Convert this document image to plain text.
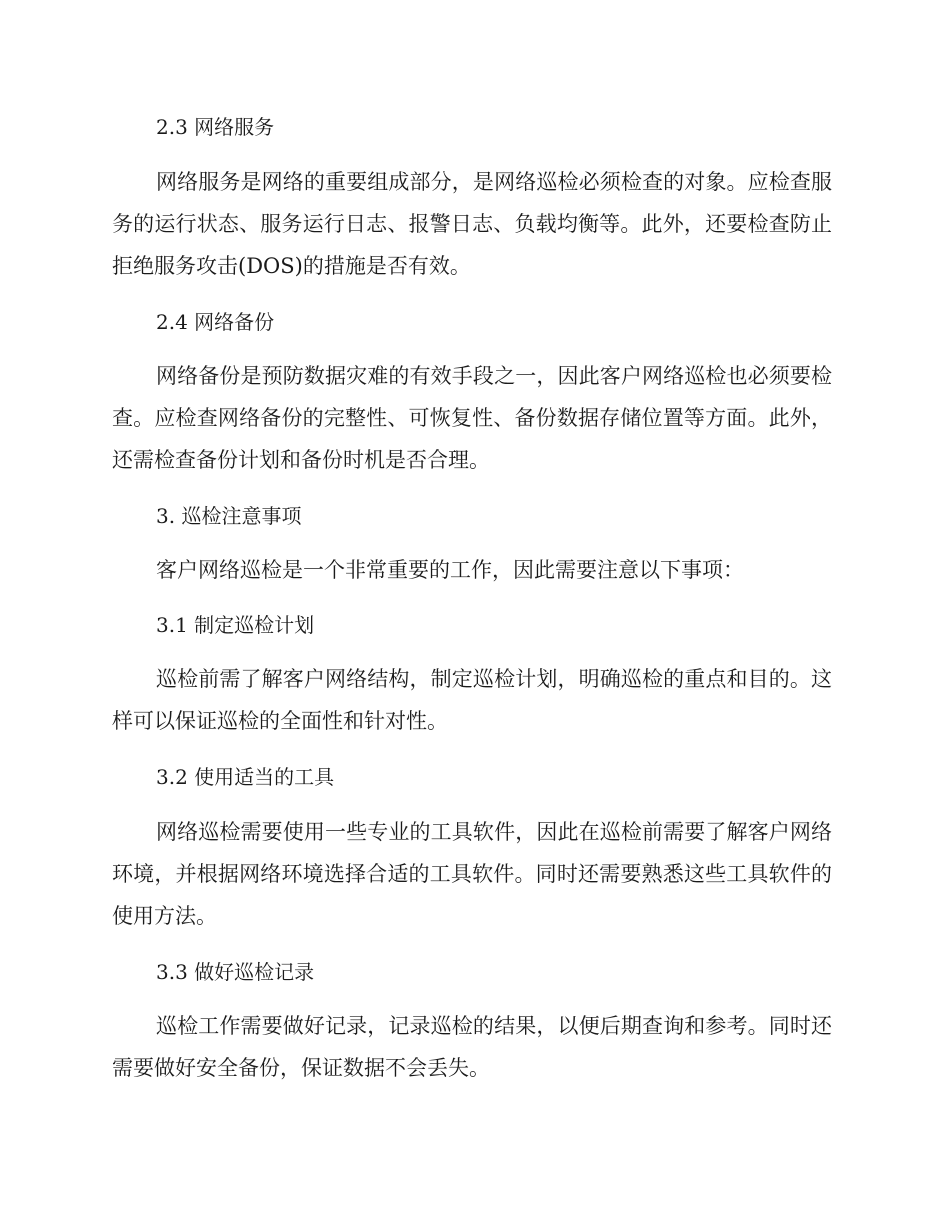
2.3 网络服务

网络服务是网络的重要组成部分，是网络巡检必须检查的对象。应检查服务的运行状态、服务运行日志、报警日志、负载均衡等。此外，还要检查防止拒绝服务攻击(DOS)的措施是否有效。

2.4 网络备份

网络备份是预防数据灾难的有效手段之一，因此客户网络巡检也必须要检查。应检查网络备份的完整性、可恢复性、备份数据存储位置等方面。此外，还需检查备份计划和备份时机是否合理。

3. 巡检注意事项

客户网络巡检是一个非常重要的工作，因此需要注意以下事项：

3.1 制定巡检计划

巡检前需了解客户网络结构，制定巡检计划，明确巡检的重点和目的。这样可以保证巡检的全面性和针对性。

3.2 使用适当的工具

网络巡检需要使用一些专业的工具软件，因此在巡检前需要了解客户网络环境，并根据网络环境选择合适的工具软件。同时还需要熟悉这些工具软件的使用方法。

3.3 做好巡检记录

巡检工作需要做好记录，记录巡检的结果，以便后期查询和参考。同时还需要做好安全备份，保证数据不会丢失。
